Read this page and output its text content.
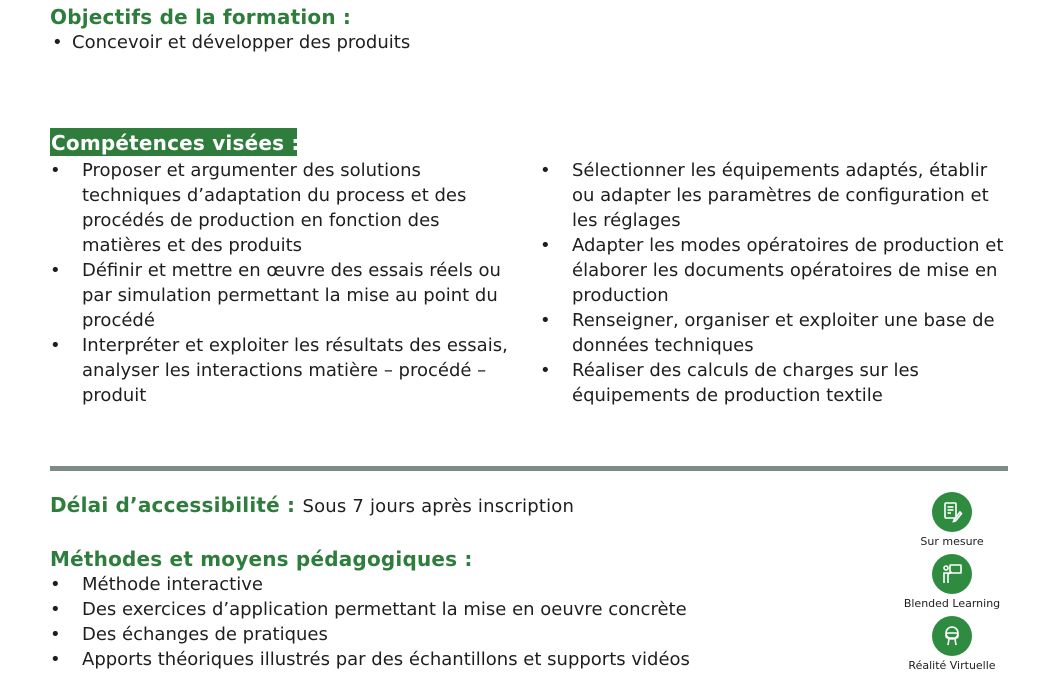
Objectifs de la formation :
• Concevoir et développer des produits
Compétences visées :
• Proposer et argumenter des solutions techniques d’adaptation du process et des procédés de production en fonction des matières et des produits
• Définir et mettre en œuvre des essais réels ou par simulation permettant la mise au point du procédé
• Interpréter et exploiter les résultats des essais, analyser les interactions matière – procédé – produit
• Sélectionner les équipements adaptés, établir ou adapter les paramètres de configuration et les réglages
• Adapter les modes opératoires de production et élaborer les documents opératoires de mise en production
• Renseigner, organiser et exploiter une base de données techniques
• Réaliser des calculs de charges sur les équipements de production textile
Délai d’accessibilité : Sous 7 jours après inscription
Méthodes et moyens pédagogiques :
• Méthode interactive
• Des exercices d’application permettant la mise en oeuvre concrète
• Des échanges de pratiques
• Apports théoriques illustrés par des échantillons et supports vidéos
Sur mesure
Blended Learning
Réalité Virtuelle
